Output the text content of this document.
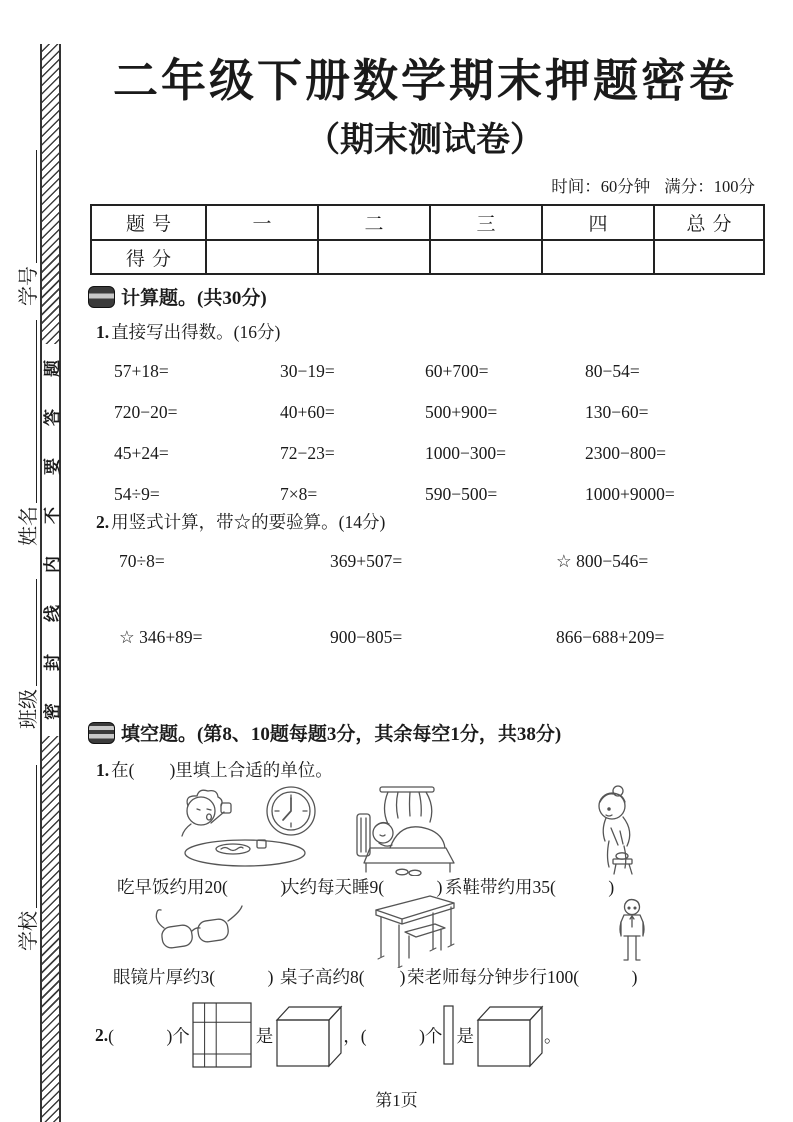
学号
姓名
班级
学校
题
答
要
不
内
线
封
密
二年级下册数学期末押题密卷
（期末测试卷）
时间：60分钟 满分：100分
题号	一	二	三	四	总分
得分					
计算题。 (共30分)
1. 直接写出得数。(16分)
57+18=	30−19=	60+700=	80−54=
720−20=	40+60=	500+900=	130−60=
45+24=	72−23=	1000−300=	2300−800=
54÷9=	7×8=	590−500=	1000+9000=
2. 用竖式计算，带☆的要验算。(14分)
70÷8=	369+507=	☆ 800−546=
☆ 346+89=	900−805=	866−688+209=
填空题。 (第8、10题每题3分，其余每空1分，共38分)
1. 在(　　)里填上合适的单位。
吃早饭约用20(　　　)
大约每天睡9(　　　) 系鞋带约用35(　　　)
眼镜片厚约3(　　　) 桌子高约8(　　) 荣老师每分钟步行100(　　　)
2. (　　　)个	是	，(　　　)个 是	。
第1页
